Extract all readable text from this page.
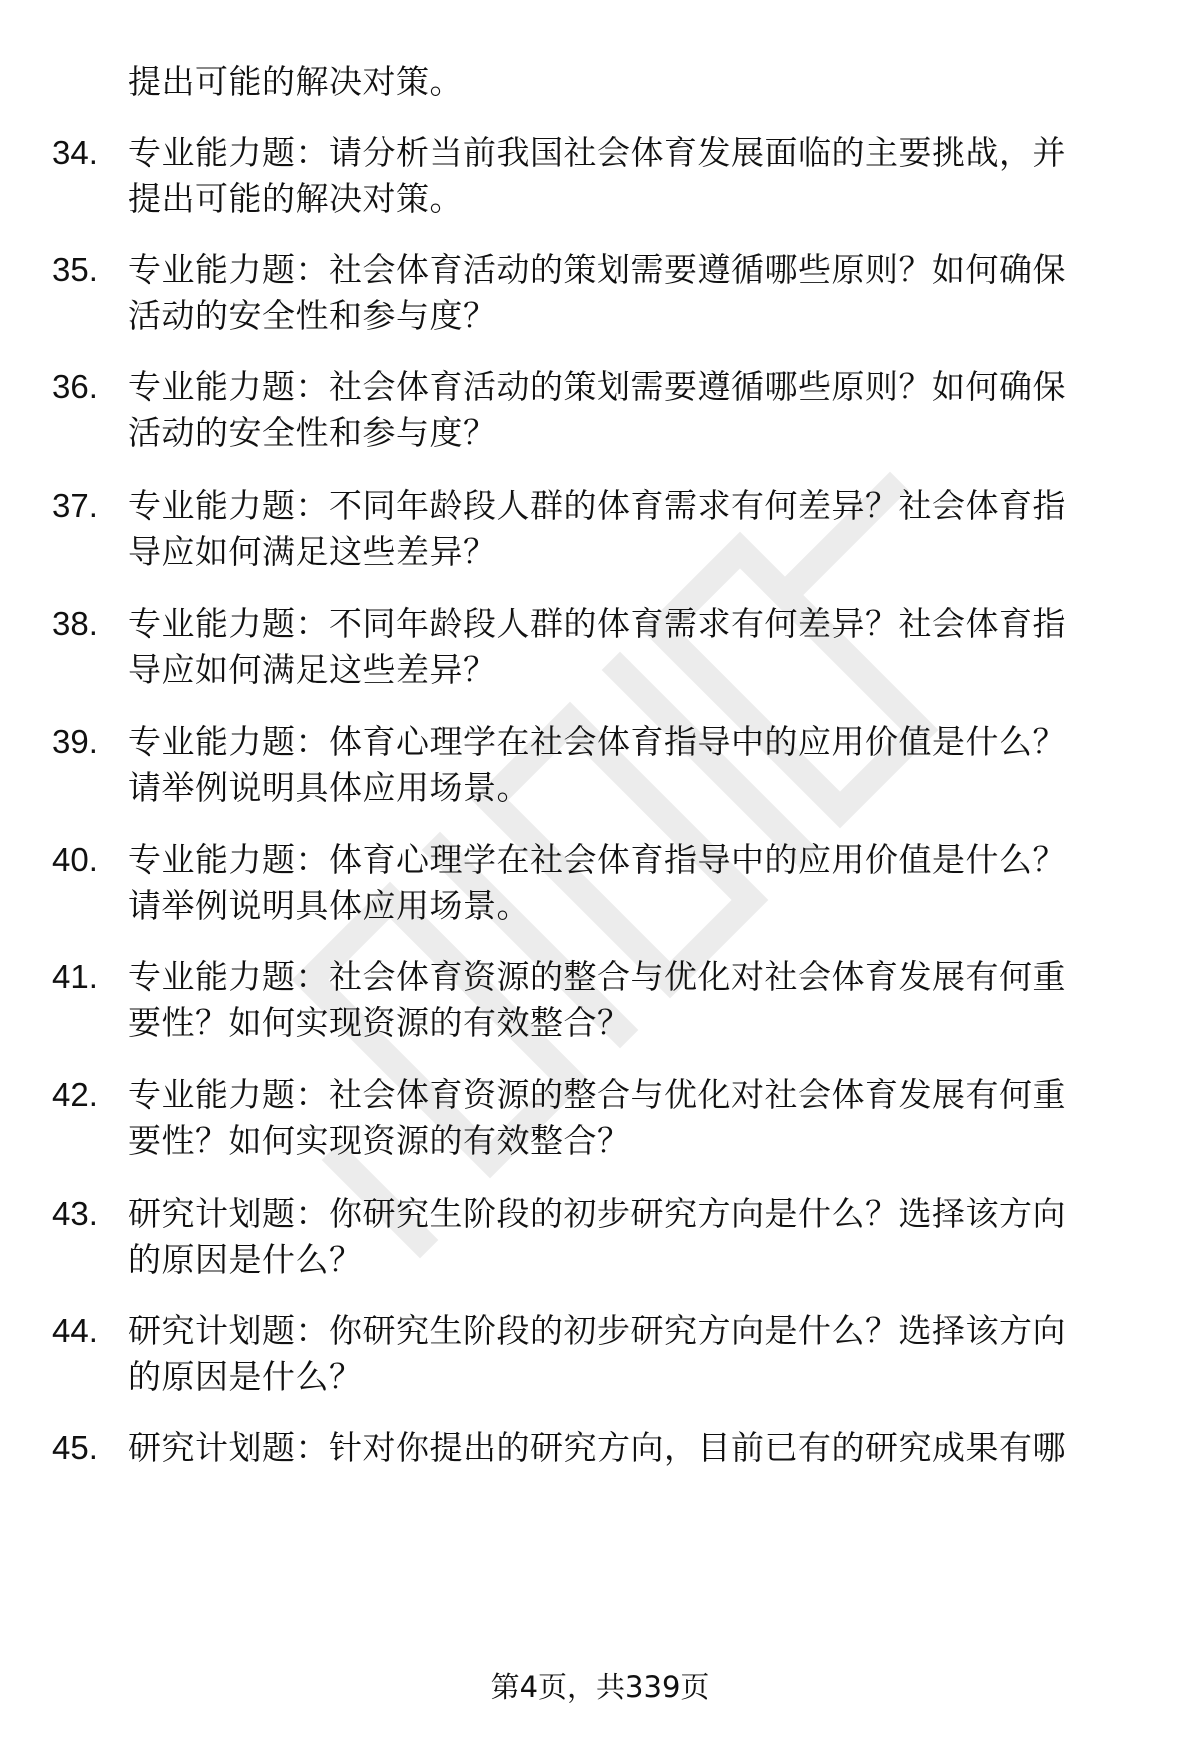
提出可能的解决对策。
34. 专业能力题：请分析当前我国社会体育发展面临的主要挑战，并
提出可能的解决对策。
35. 专业能力题：社会体育活动的策划需要遵循哪些原则？如何确保
活动的安全性和参与度？
36. 专业能力题：社会体育活动的策划需要遵循哪些原则？如何确保
活动的安全性和参与度？
37. 专业能力题：不同年龄段人群的体育需求有何差异？社会体育指
导应如何满足这些差异？
38. 专业能力题：不同年龄段人群的体育需求有何差异？社会体育指
导应如何满足这些差异？
39. 专业能力题：体育心理学在社会体育指导中的应用价值是什么？
请举例说明具体应用场景。
40. 专业能力题：体育心理学在社会体育指导中的应用价值是什么？
请举例说明具体应用场景。
41. 专业能力题：社会体育资源的整合与优化对社会体育发展有何重
要性？如何实现资源的有效整合？
42. 专业能力题：社会体育资源的整合与优化对社会体育发展有何重
要性？如何实现资源的有效整合？
43. 研究计划题：你研究生阶段的初步研究方向是什么？选择该方向
的原因是什么？
44. 研究计划题：你研究生阶段的初步研究方向是什么？选择该方向
的原因是什么？
45. 研究计划题：针对你提出的研究方向，目前已有的研究成果有哪
第4页，共339页
